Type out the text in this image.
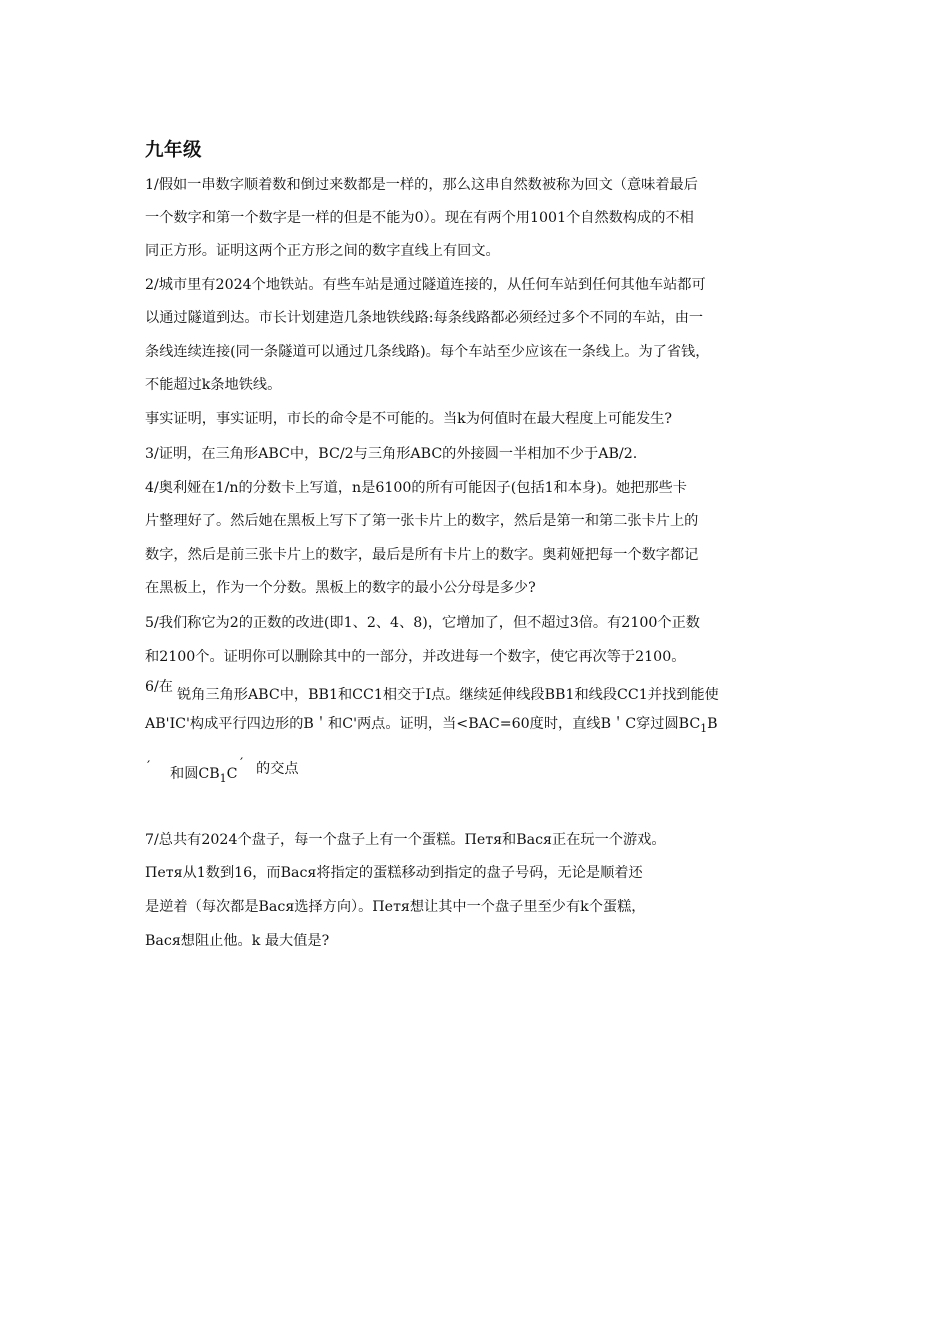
九年级
1/假如一串数字顺着数和倒过来数都是一样的，那么这串自然数被称为回文（意味着最后
一个数字和第一个数字是一样的但是不能为0）。现在有两个用1001个自然数构成的不相
同正方形。证明这两个正方形之间的数字直线上有回文。
2/城市里有2024个地铁站。有些车站是通过隧道连接的，从任何车站到任何其他车站都可
以通过隧道到达。市长计划建造几条地铁线路:每条线路都必须经过多个不同的车站，由一
条线连续连接(同一条隧道可以通过几条线路)。每个车站至少应该在一条线上。为了省钱，
不能超过k条地铁线。
事实证明，事实证明，市长的命令是不可能的。当k为何值时在最大程度上可能发生?
3/证明，在三角形ABC中，BC/2与三角形ABC的外接圆一半相加不少于AB/2.
4/奥利娅在1/n的分数卡上写道，n是6100的所有可能因子(包括1和本身)。她把那些卡
片整理好了。然后她在黑板上写下了第一张卡片上的数字，然后是第一和第二张卡片上的
数字，然后是前三张卡片上的数字，最后是所有卡片上的数字。奥莉娅把每一个数字都记
在黑板上，作为一个分数。黑板上的数字的最小公分母是多少?
5/我们称它为2的正数的改进(即1、2、4、8)，它增加了，但不超过3倍。有2100个正数
和2100个。证明你可以删除其中的一部分，并改进每一个数字，使它再次等于2100。
6/在 锐角三角形ABC中，BB1和CC1相交于I点。继续延伸线段BB1和线段CC1并找到能使
AB'IC'构成平行四边形的B＇和C'两点。证明，当<BAC=60度时，直线B＇C穿过圆$BC_1B$
′ 和圆$CB_1C$
′ 的交点
7/总共有2024个盘子，每一个盘子上有一个蛋糕。Петя和Вася正在玩一个游戏。
Петя从1数到16，而Вася将指定的蛋糕移动到指定的盘子号码，无论是顺着还
是逆着（每次都是Вася选择方向）。Петя想让其中一个盘子里至少有k个蛋糕，
Вася想阻止他。k 最大值是?
